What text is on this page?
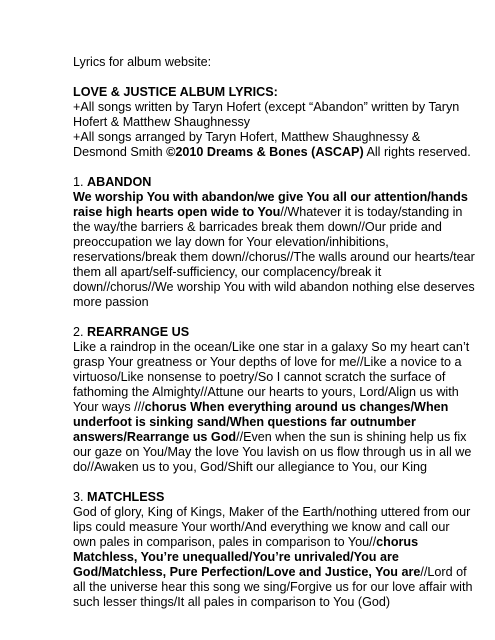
Lyrics for album website:

LOVE & JUSTICE ALBUM LYRICS:
+All songs written by Taryn Hofert (except “Abandon” written by Taryn Hofert & Matthew Shaughnessy
+All songs arranged by Taryn Hofert, Matthew Shaughnessy & Desmond Smith ©2010 Dreams & Bones (ASCAP) All rights reserved.

1. ABANDON
We worship You with abandon/we give You all our attention/hands raise high hearts open wide to You//Whatever it is today/standing in the way/the barriers & barricades break them down//Our pride and preoccupation we lay down for Your elevation/inhibitions, reservations/break them down//chorus//The walls around our hearts/tear them all apart/self-sufficiency, our complacency/break it down//chorus//We worship You with wild abandon nothing else deserves more passion

2. REARRANGE US
Like a raindrop in the ocean/Like one star in a galaxy So my heart can’t grasp Your greatness or Your depths of love for me//Like a novice to a virtuoso/Like nonsense to poetry/So I cannot scratch the surface of fathoming the Almighty//Attune our hearts to yours, Lord/Align us with Your ways ///chorus When everything around us changes/When underfoot is sinking sand/When questions far outnumber answers/Rearrange us God//Even when the sun is shining help us fix our gaze on You/May the love You lavish on us flow through us in all we do//Awaken us to you, God/Shift our allegiance to You, our King

3. MATCHLESS
God of glory, King of Kings, Maker of the Earth/nothing uttered from our lips could measure Your worth/And everything we know and call our own pales in comparison, pales in comparison to You//chorus Matchless, You’re unequalled/You’re unrivaled/You are God/Matchless, Pure Perfection/Love and Justice, You are//Lord of all the universe hear this song we sing/Forgive us for our love affair with such lesser things/It all pales in comparison to You (God)
